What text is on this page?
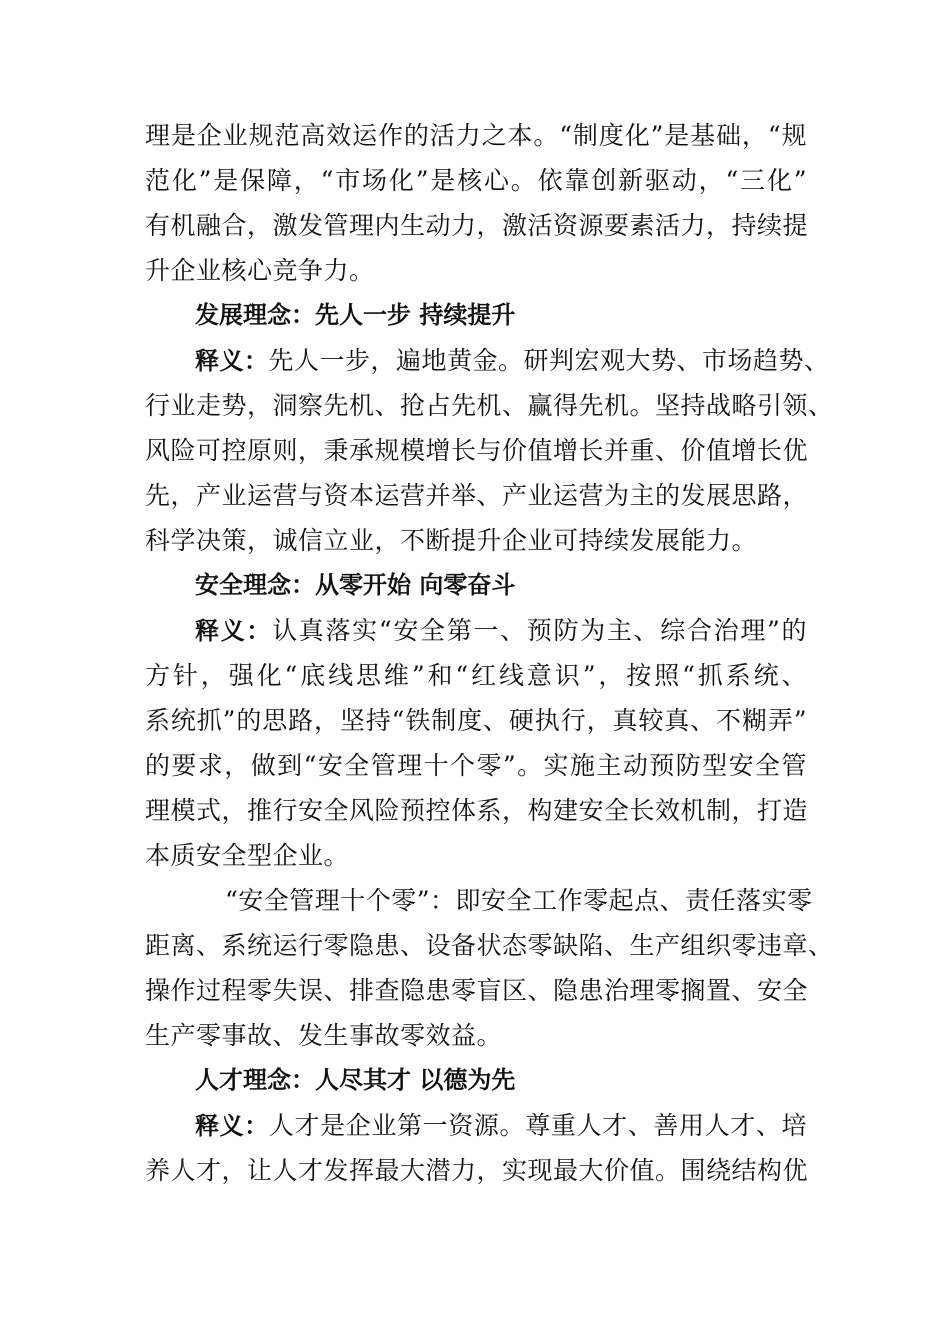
理是企业规范高效运作的活力之本。“制度化”是基础，“规
范化”是保障，“市场化”是核心。依靠创新驱动，“三化”
有机融合，激发管理内生动力，激活资源要素活力，持续提
升企业核心竞争力。
发展理念：先人一步 持续提升
释义：先人一步，遍地黄金。研判宏观大势、市场趋势、
行业走势，洞察先机、抢占先机、赢得先机。坚持战略引领、
风险可控原则，秉承规模增长与价值增长并重、价值增长优
先，产业运营与资本运营并举、产业运营为主的发展思路，
科学决策，诚信立业，不断提升企业可持续发展能力。
安全理念：从零开始 向零奋斗
释义：认真落实“安全第一、预防为主、综合治理”的
方针，强化“底线思维”和“红线意识”，按照“抓系统、
系统抓”的思路，坚持“铁制度、硬执行，真较真、不糊弄”
的要求，做到“安全管理十个零”。实施主动预防型安全管
理模式，推行安全风险预控体系，构建安全长效机制，打造
本质安全型企业。
“安全管理十个零”：即安全工作零起点、责任落实零
距离、系统运行零隐患、设备状态零缺陷、生产组织零违章、
操作过程零失误、排查隐患零盲区、隐患治理零搁置、安全
生产零事故、发生事故零效益。
人才理念：人尽其才 以德为先
释义：人才是企业第一资源。尊重人才、善用人才、培
养人才，让人才发挥最大潜力，实现最大价值。围绕结构优
